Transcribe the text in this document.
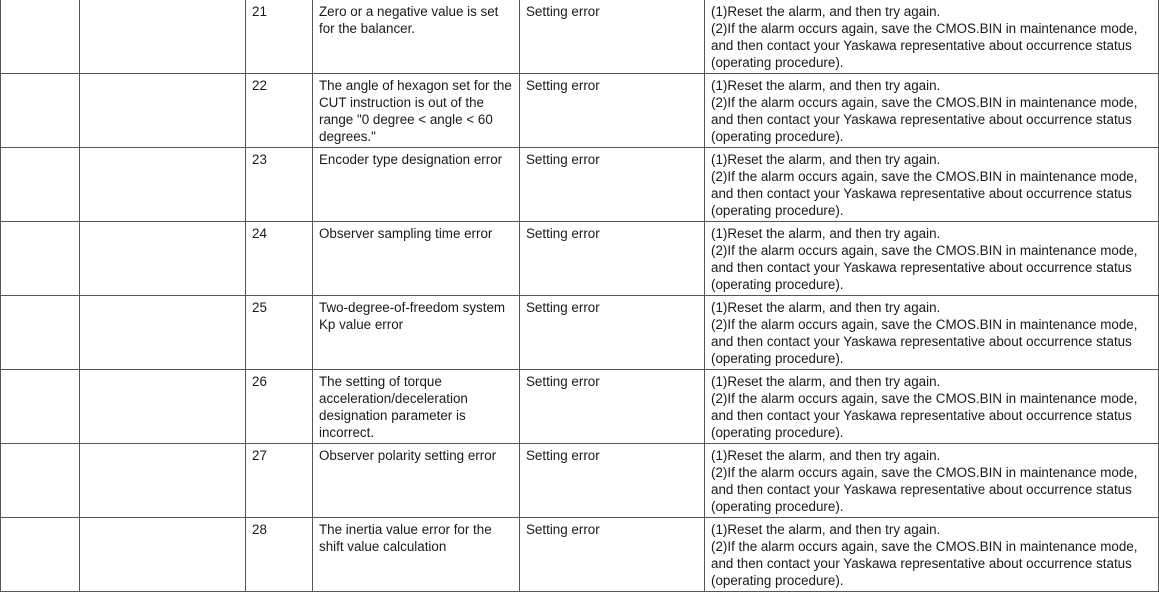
		21	Zero or a negative value is set for the balancer.	Setting error	(1)Reset the alarm, and then try again.
(2)If the alarm occurs again, save the CMOS.BIN in maintenance mode, and then contact your Yaskawa representative about occurrence status (operating procedure).
		22	The angle of hexagon set for the CUT instruction is out of the range "0 degree < angle < 60 degrees."	Setting error	(1)Reset the alarm, and then try again.
(2)If the alarm occurs again, save the CMOS.BIN in maintenance mode, and then contact your Yaskawa representative about occurrence status (operating procedure).
		23	Encoder type designation error	Setting error	(1)Reset the alarm, and then try again.
(2)If the alarm occurs again, save the CMOS.BIN in maintenance mode, and then contact your Yaskawa representative about occurrence status (operating procedure).
		24	Observer sampling time error	Setting error	(1)Reset the alarm, and then try again.
(2)If the alarm occurs again, save the CMOS.BIN in maintenance mode, and then contact your Yaskawa representative about occurrence status (operating procedure).
		25	Two-degree-of-freedom system Kp value error	Setting error	(1)Reset the alarm, and then try again.
(2)If the alarm occurs again, save the CMOS.BIN in maintenance mode, and then contact your Yaskawa representative about occurrence status (operating procedure).
		26	The setting of torque acceleration/deceleration designation parameter is incorrect.	Setting error	(1)Reset the alarm, and then try again.
(2)If the alarm occurs again, save the CMOS.BIN in maintenance mode, and then contact your Yaskawa representative about occurrence status (operating procedure).
		27	Observer polarity setting error	Setting error	(1)Reset the alarm, and then try again.
(2)If the alarm occurs again, save the CMOS.BIN in maintenance mode, and then contact your Yaskawa representative about occurrence status (operating procedure).
		28	The inertia value error for the shift value calculation	Setting error	(1)Reset the alarm, and then try again.
(2)If the alarm occurs again, save the CMOS.BIN in maintenance mode, and then contact your Yaskawa representative about occurrence status (operating procedure).
